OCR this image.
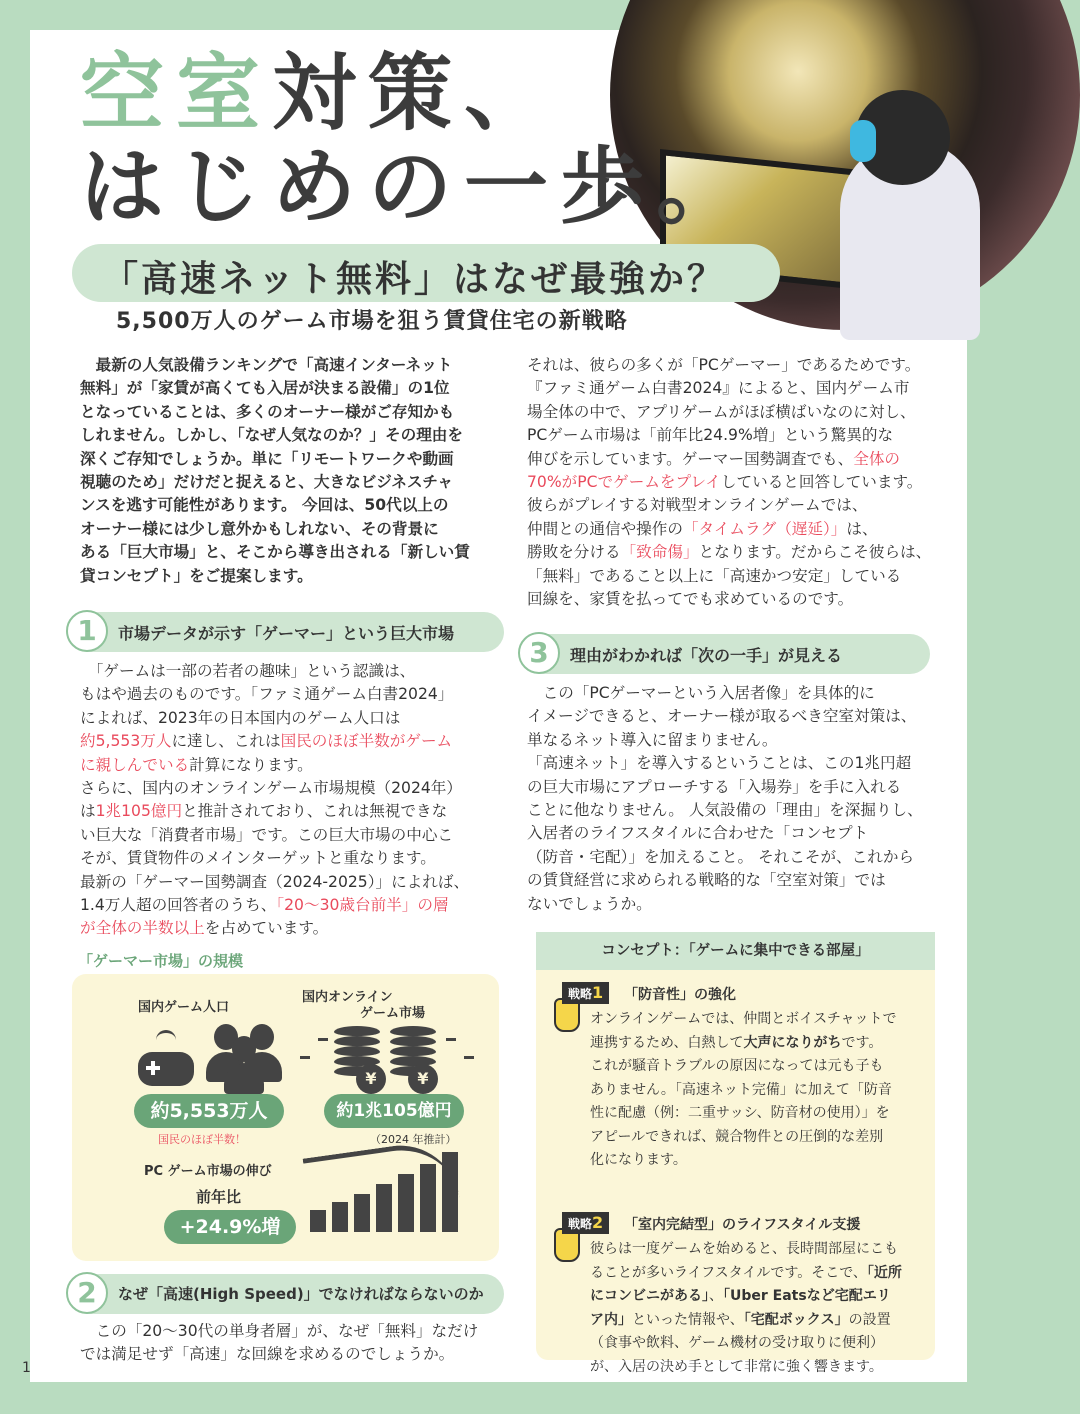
空室対策、
はじめの一歩。
「高速ネット無料」はなぜ最強か？
5,500万人のゲーム市場を狙う賃貸住宅の新戦略

　最新の人気設備ランキングで「高速インターネット

無料」が「家賃が高くても入居が決まる設備」の1位

となっていることは、多くのオーナー様がご存知かも

しれません。しかし、「なぜ人気なのか？」その理由を

深くご存知でしょうか。単に「リモートワークや動画

視聴のため」だけだと捉えると、大きなビジネスチャ

ンスを逃す可能性があります。 今回は、50代以上の

オーナー様には少し意外かもしれない、その背景に

ある「巨大市場」と、そこから導き出される「新しい賃

貸コンセプト」をご提案します。

1	市場データが示す「ゲーマー」という巨大市場

　「ゲームは一部の若者の趣味」という認識は、

もはや過去のものです。「ファミ通ゲーム白書2024」

によれば、2023年の日本国内のゲーム人口は

約5,553万人に達し、これは国民のほぼ半数がゲーム

に親しんでいる計算になります。

さらに、国内のオンラインゲーム市場規模（2024年）

は1兆105億円と推計されており、これは無視できな

い巨大な「消費者市場」です。この巨大市場の中心こ

そが、賃貸物件のメインターゲットと重なります。

最新の「ゲーマー国勢調査（2024-2025）」によれば、

1.4万人超の回答者のうち、「20〜30歳台前半」の層

が全体の半数以上を占めています。

「ゲーマー市場」の規模
国内ゲーム人口
国内オンライン
ゲーム市場
¥	¥
約5,553万人
国民のほぼ半数！
約1兆105億円
（2024 年推計）
PC ゲーム市場の伸び
前年比
+24.9%増
2	なぜ「高速(High Speed)」でなければならないのか

　この「20〜30代の単身者層」が、なぜ「無料」なだけ

では満足せず「高速」な回線を求めるのでしょうか。

それは、彼らの多くが「PCゲーマー」であるためです。

『ファミ通ゲーム白書2024』によると、国内ゲーム市

場全体の中で、アプリゲームがほぼ横ばいなのに対し、

PCゲーム市場は「前年比24.9%増」という驚異的な

伸びを示しています。ゲーマー国勢調査でも、全体の

70%がPCでゲームをプレイしていると回答しています。

彼らがプレイする対戦型オンラインゲームでは、

仲間との通信や操作の「タイムラグ（遅延）」は、

勝敗を分ける「致命傷」となります。だからこそ彼らは、

「無料」であること以上に「高速かつ安定」している

回線を、家賃を払ってでも求めているのです。

3	理由がわかれば「次の一手」が見える

　この「PCゲーマーという入居者像」を具体的に

イメージできると、オーナー様が取るべき空室対策は、

単なるネット導入に留まりません。

「高速ネット」を導入するということは、この1兆円超

の巨大市場にアプローチする「入場券」を手に入れる

ことに他なりません。 人気設備の「理由」を深掘りし、

入居者のライフスタイルに合わせた「コンセプト

（防音・宅配）」を加えること。 それこそが、これから

の賃貸経営に求められる戦略的な「空室対策」では

ないでしょうか。

コンセプト：「ゲームに集中できる部屋」
戦略1	「防音性」の強化

オンラインゲームでは、仲間とボイスチャットで

連携するため、白熱して大声になりがちです。

これが騒音トラブルの原因になっては元も子も

ありません。「高速ネット完備」に加えて「防音

性に配慮（例：二重サッシ、防音材の使用）」を

アピールできれば、競合物件との圧倒的な差別

化になります。

戦略2	「室内完結型」のライフスタイル支援

彼らは一度ゲームを始めると、長時間部屋にこも

ることが多いライフスタイルです。そこで、「近所

にコンビニがある」、「Uber Eatsなど宅配エリ

ア内」といった情報や、「宅配ボックス」の設置

（食事や飲料、ゲーム機材の受け取りに便利）

が、入居の決め手として非常に強く響きます。

1
